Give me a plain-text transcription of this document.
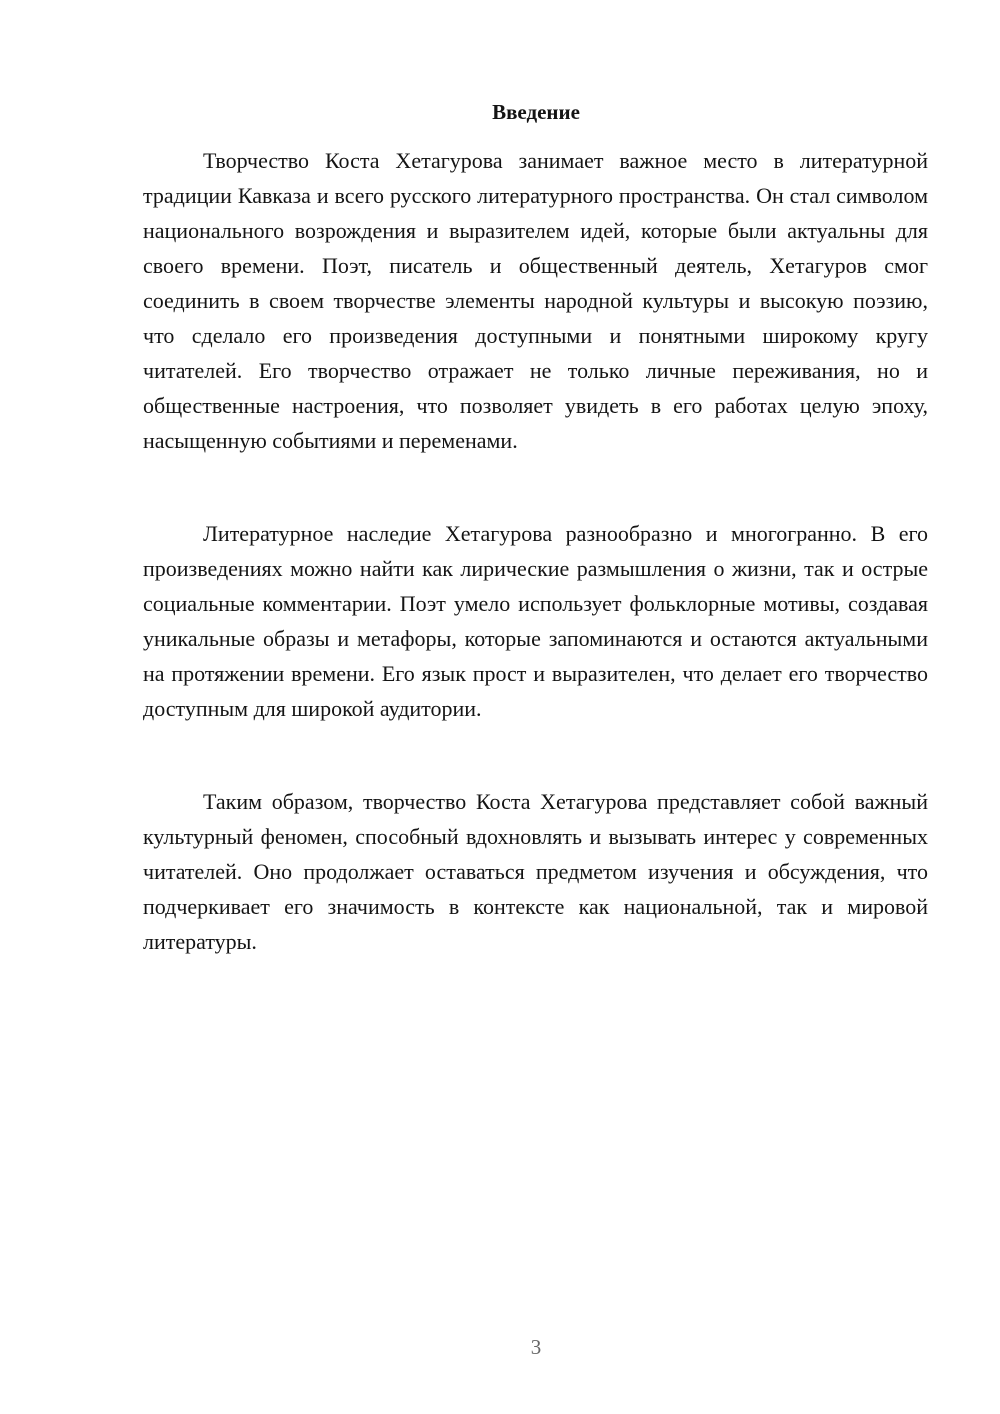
Введение

Творчество Коста Хетагурова занимает важное место в литературной традиции Кавказа и всего русского литературного пространства. Он стал символом национального возрождения и выразителем идей, которые были актуальны для своего времени. Поэт, писатель и общественный деятель, Хетагуров смог соединить в своем творчестве элементы народной культуры и высокую поэзию, что сделало его произведения доступными и понятными широкому кругу читателей. Его творчество отражает не только личные переживания, но и общественные настроения, что позволяет увидеть в его работах целую эпоху, насыщенную событиями и переменами.

Литературное наследие Хетагурова разнообразно и многогранно. В его произведениях можно найти как лирические размышления о жизни, так и острые социальные комментарии. Поэт умело использует фольклорные мотивы, создавая уникальные образы и метафоры, которые запоминаются и остаются актуальными на протяжении времени. Его язык прост и выразителен, что делает его творчество доступным для широкой аудитории.

Таким образом, творчество Коста Хетагурова представляет собой важный культурный феномен, способный вдохновлять и вызывать интерес у современных читателей. Оно продолжает оставаться предметом изучения и обсуждения, что подчеркивает его значимость в контексте как национальной, так и мировой литературы.

3
